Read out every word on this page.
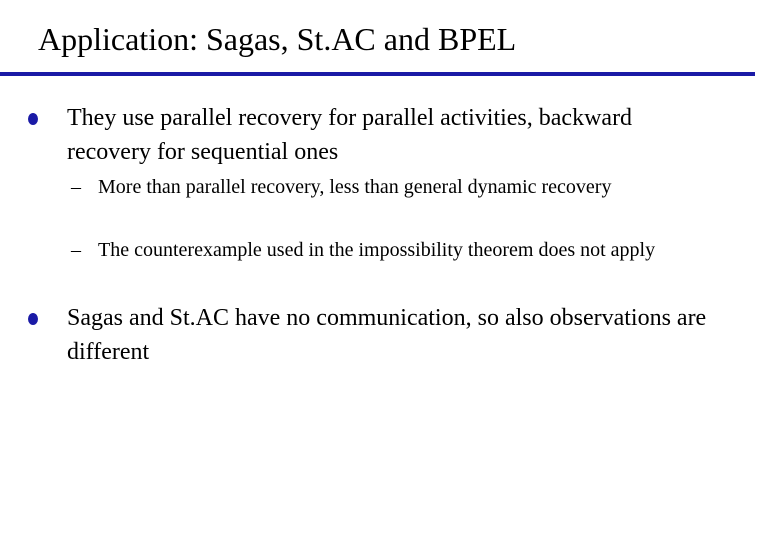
Application: Sagas, St.AC and BPEL
They use parallel recovery for parallel activities, backward recovery for sequential ones
– More than parallel recovery, less than general dynamic recovery
– The counterexample used in the impossibility theorem does not apply
Sagas and St.AC have no communication, so also observations are different
